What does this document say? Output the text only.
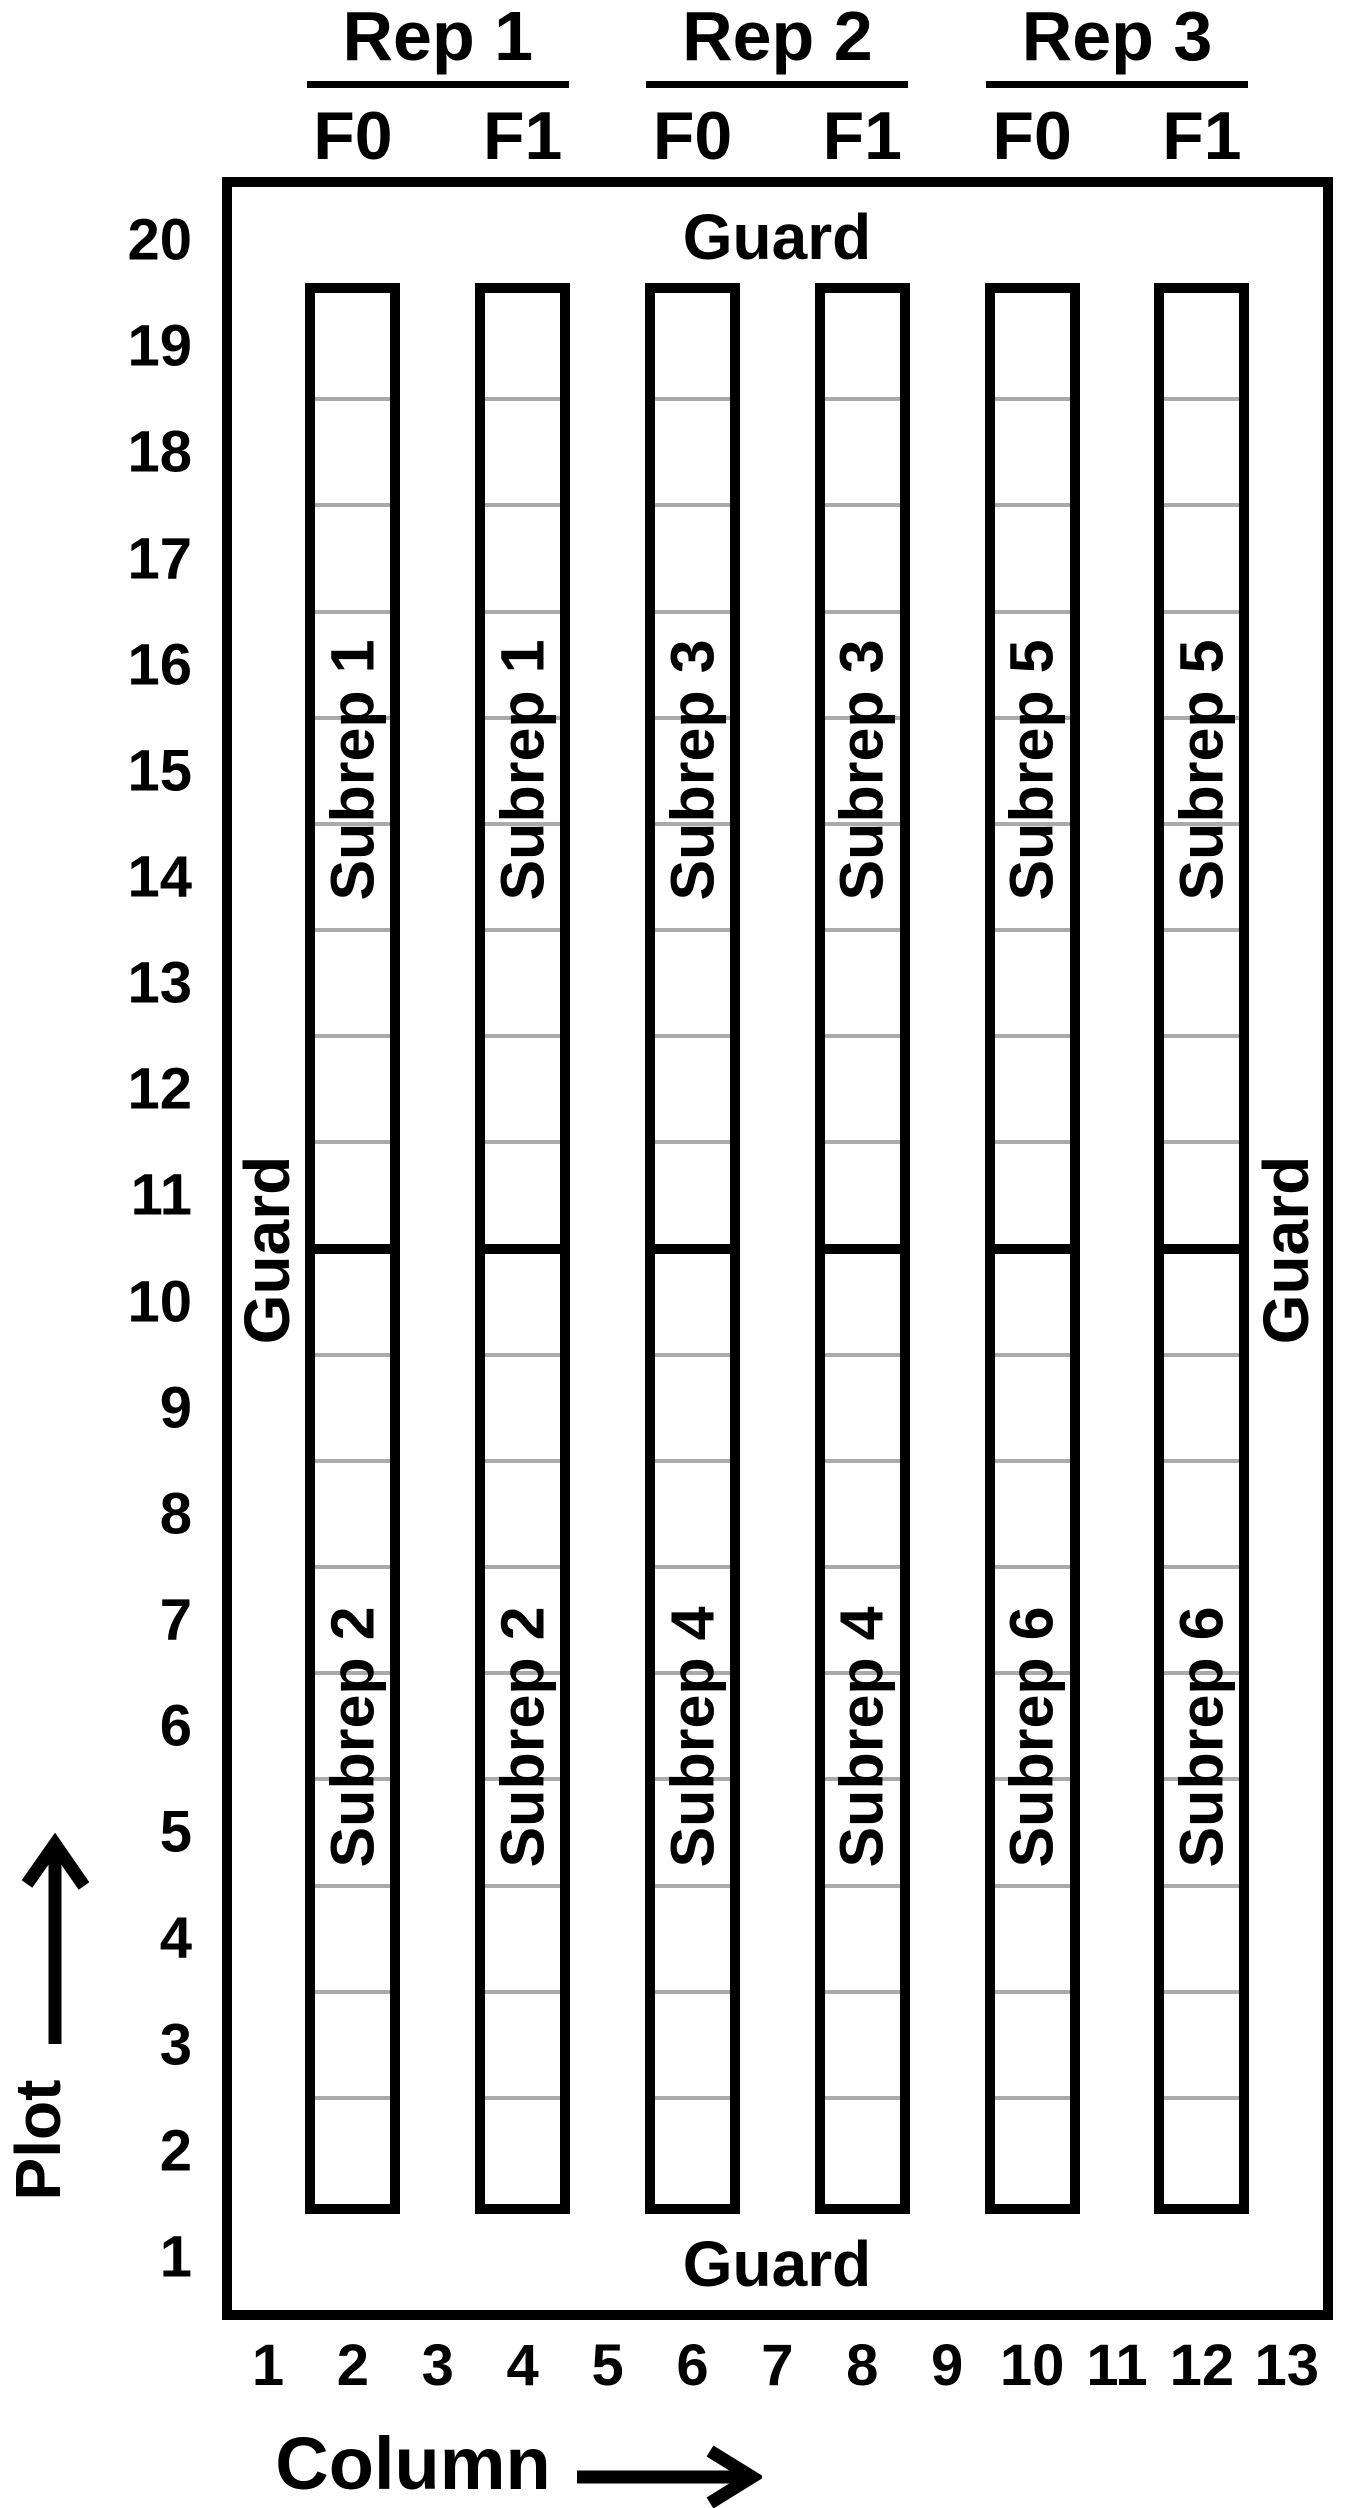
Guard
Guard
Guard	Guard
Rep 1
F0
Subrep 1
Subrep 2
F1
Subrep 1
Subrep 2
Rep 2
F0
Subrep 3
Subrep 4
F1
Subrep 3
Subrep 4
Rep 3
F0
Subrep 5
Subrep 6
F1
Subrep 5
Subrep 6
1
2
3
4
5
6
7
8
9
10
11
12
13
14
15
16
17
18
19
20
1 2 3 4 5 6 7 8 9 10 11 12 13
Plot
Column
